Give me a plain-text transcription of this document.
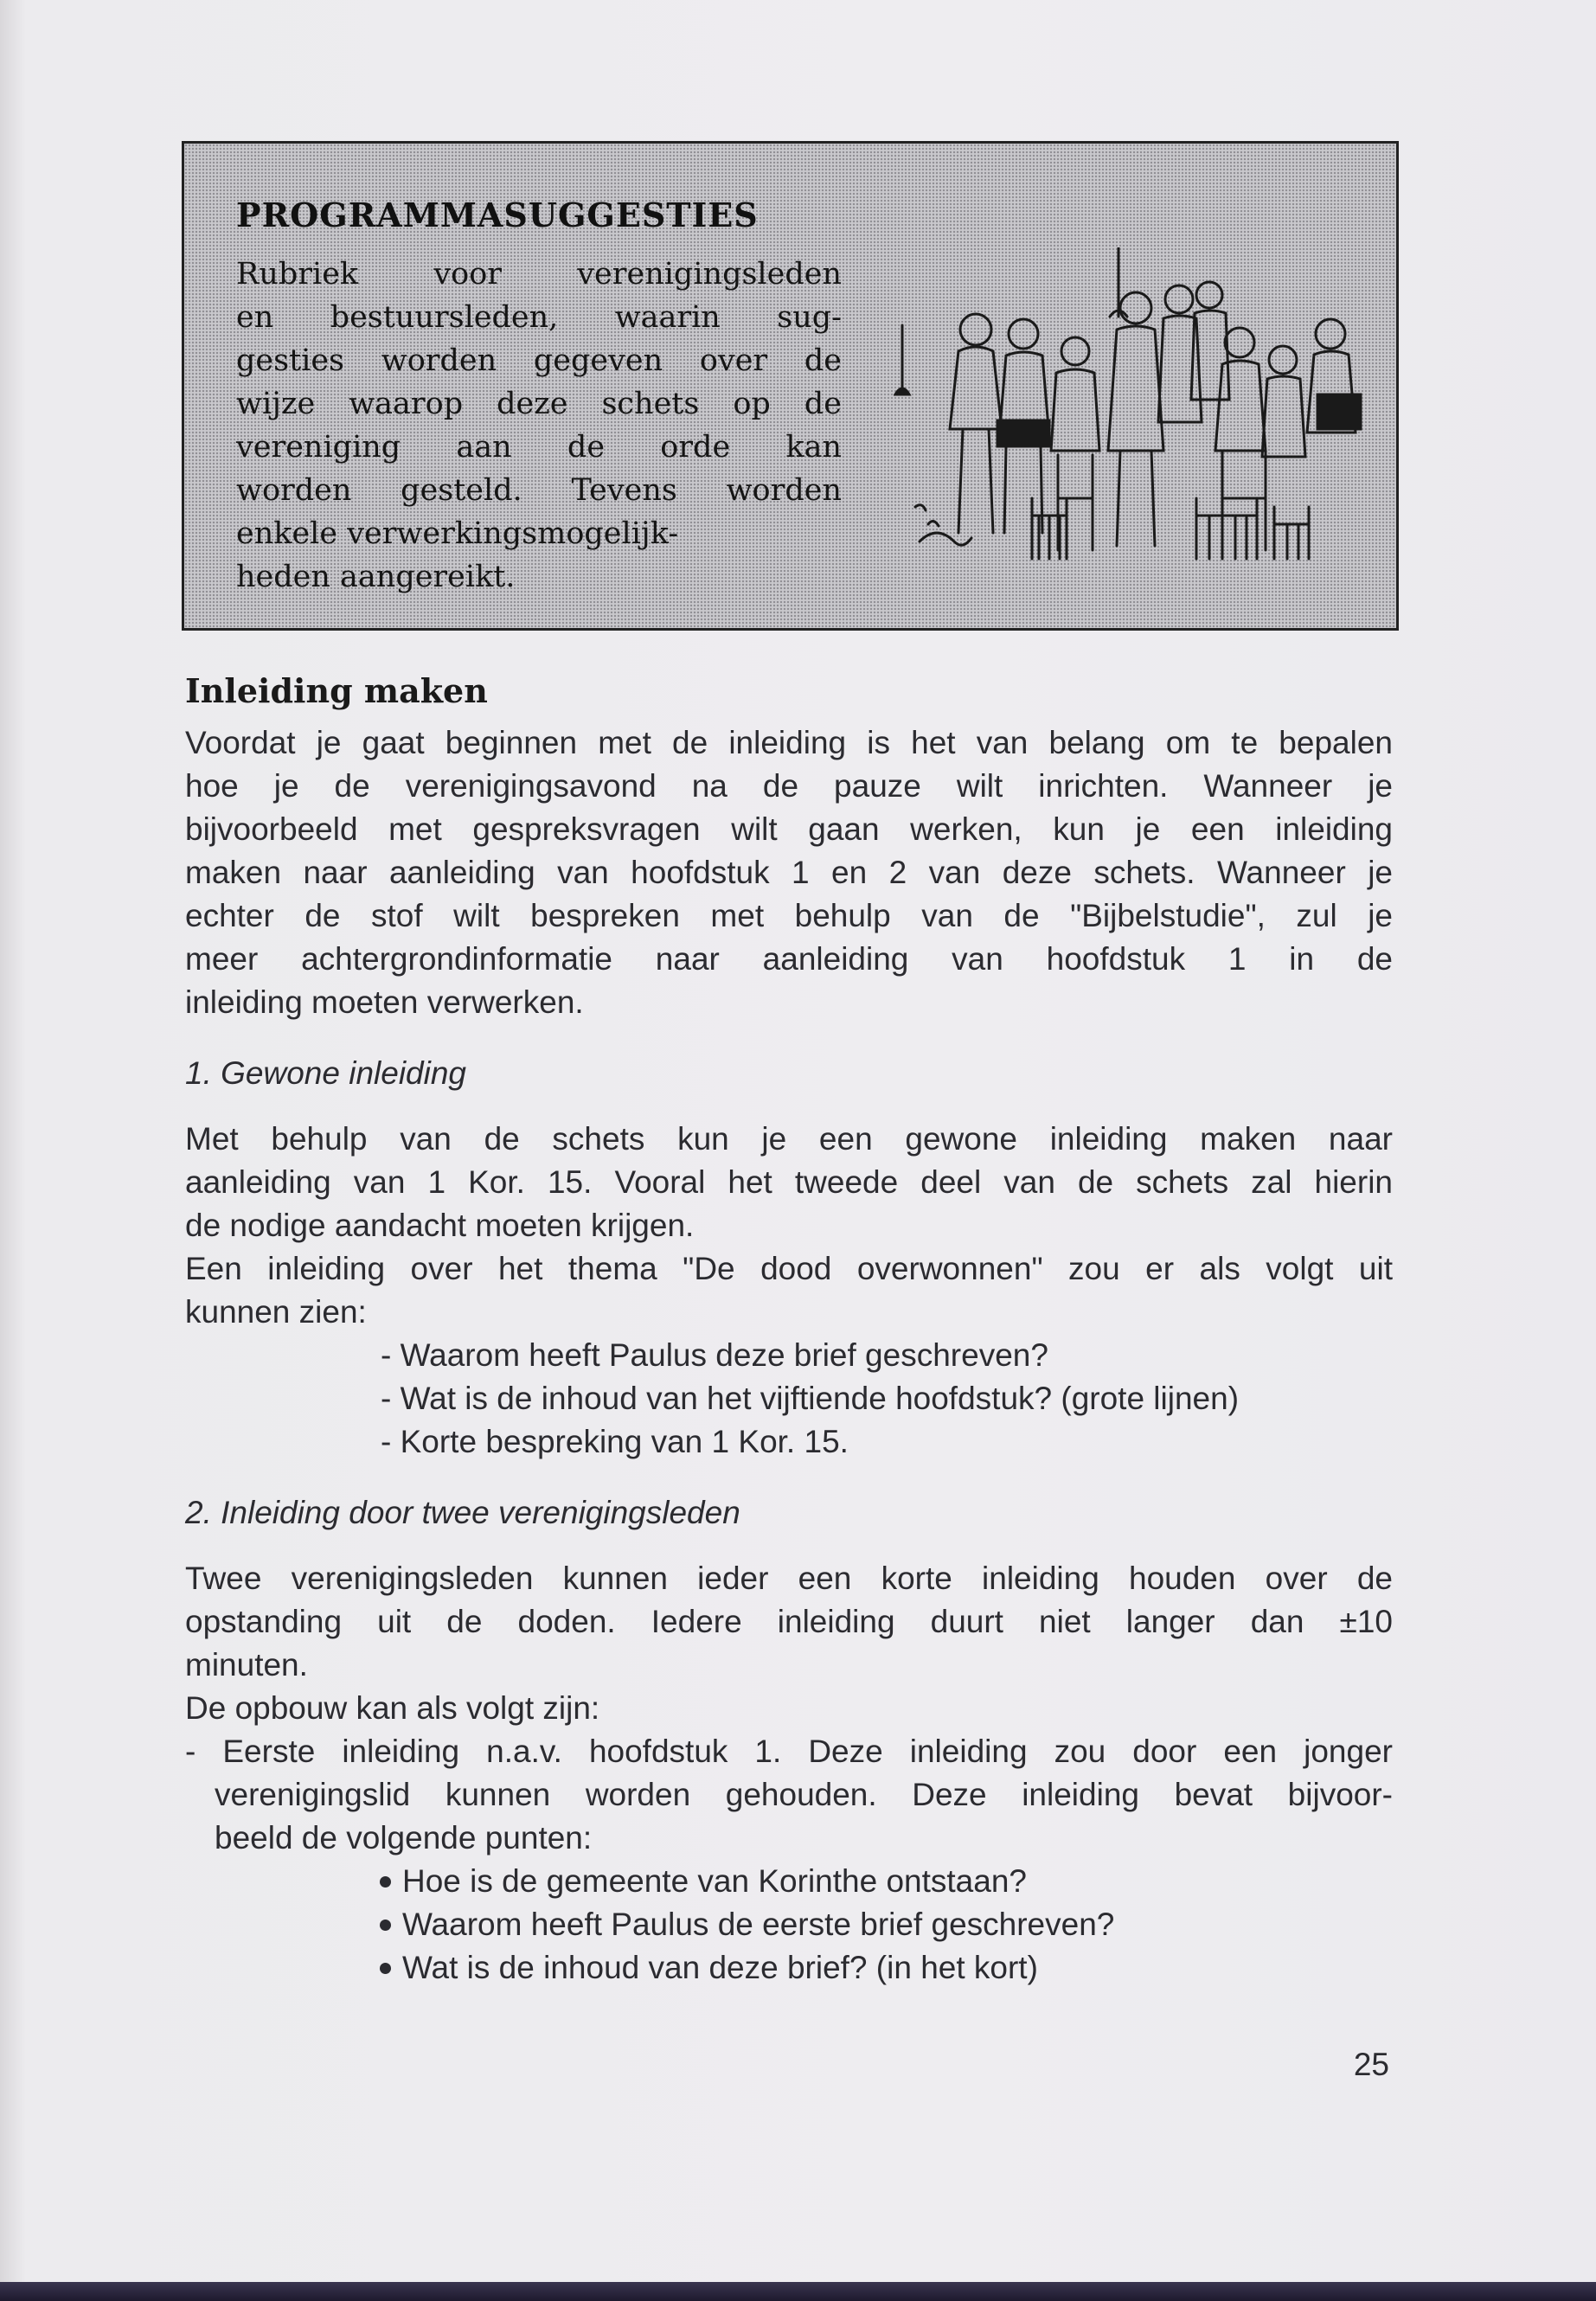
PROGRAMMASUGGESTIES
Rubriek voor verenigingsleden
en bestuursleden, waarin sug-
gesties worden gegeven over de
wijze waarop deze schets op de
vereniging aan de orde kan
worden gesteld. Tevens worden
enkele verwerkingsmogelijk-
heden aangereikt.
Inleiding maken

Voordat je gaat beginnen met de inleiding is het van belang om te bepalen
hoe je de verenigingsavond na de pauze wilt inrichten. Wanneer je
bijvoorbeeld met gespreksvragen wilt gaan werken, kun je een inleiding
maken naar aanleiding van hoofdstuk 1 en 2 van deze schets. Wanneer je
echter de stof wilt bespreken met behulp van de "Bijbelstudie", zul je
meer achtergrondinformatie naar aanleiding van hoofdstuk 1 in de
inleiding moeten verwerken.

1. Gewone inleiding

Met behulp van de schets kun je een gewone inleiding maken naar
aanleiding van 1 Kor. 15. Vooral het tweede deel van de schets zal hierin
de nodige aandacht moeten krijgen.
Een inleiding over het thema "De dood overwonnen" zou er als volgt uit
kunnen zien:

- Waarom heeft Paulus deze brief geschreven?
- Wat is de inhoud van het vijftiende hoofdstuk? (grote lijnen)
- Korte bespreking van 1 Kor. 15.
2. Inleiding door twee verenigingsleden

Twee verenigingsleden kunnen ieder een korte inleiding houden over de
opstanding uit de doden. Iedere inleiding duurt niet langer dan ±10
minuten.
De opbouw kan als volgt zijn:

- Eerste inleiding n.a.v. hoofdstuk 1. Deze inleiding zou door een jonger
verenigingslid kunnen worden gehouden. Deze inleiding bevat bijvoor-
beeld de volgende punten:

Hoe is de gemeente van Korinthe ontstaan?
Waarom heeft Paulus de eerste brief geschreven?
Wat is de inhoud van deze brief? (in het kort)
25
